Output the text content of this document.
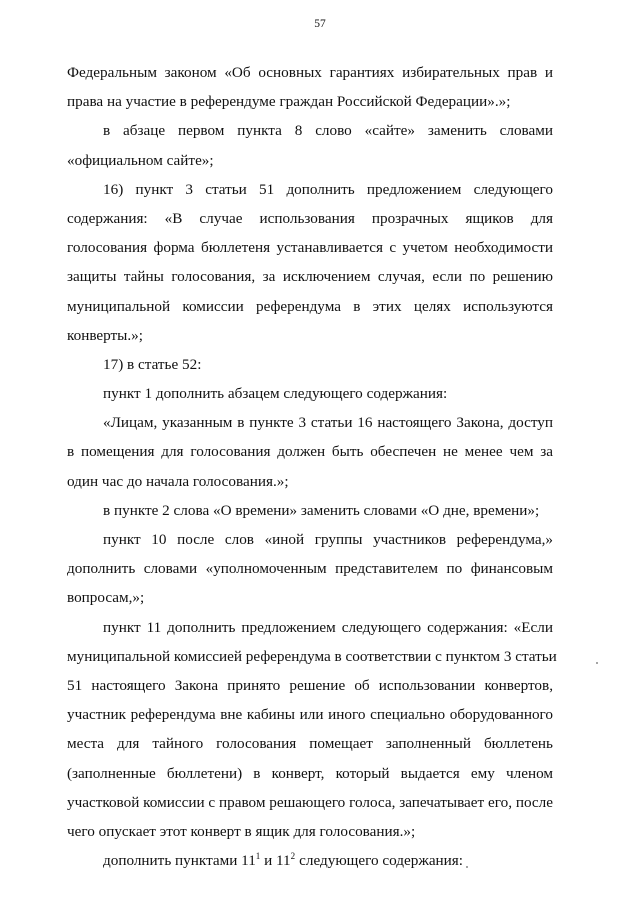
57
Федеральным законом «Об основных гарантиях избирательных прав и
права на участие в референдуме граждан Российской Федерации».»;
в абзаце первом пункта 8 слово «сайте» заменить словами
«официальном сайте»;
16) пункт 3 статьи 51 дополнить предложением следующего
содержания: «В случае использования прозрачных ящиков для
голосования форма бюллетеня устанавливается с учетом необходимости
защиты тайны голосования, за исключением случая, если по решению
муниципальной комиссии референдума в этих целях используются
конверты.»;
17) в статье 52:
пункт 1 дополнить абзацем следующего содержания:
«Лицам, указанным в пункте 3 статьи 16 настоящего Закона, доступ
в помещения для голосования должен быть обеспечен не менее чем за
один час до начала голосования.»;
в пункте 2 слова «О времени» заменить словами «О дне, времени»;
пункт 10 после слов «иной группы участников референдума,»
дополнить словами «уполномоченным представителем по финансовым
вопросам,»;
пункт 11 дополнить предложением следующего содержания: «Если
муниципальной комиссией референдума в соответствии с пунктом 3 статьи
51 настоящего Закона принято решение об использовании конвертов,
участник референдума вне кабины или иного специально оборудованного
места для тайного голосования помещает заполненный бюллетень
(заполненные бюллетени) в конверт, который выдается ему членом
участковой комиссии с правом решающего голоса, запечатывает его, после
чего опускает этот конверт в ящик для голосования.»;
дополнить пунктами $11^1$ и $11^2$ следующего содержания:
